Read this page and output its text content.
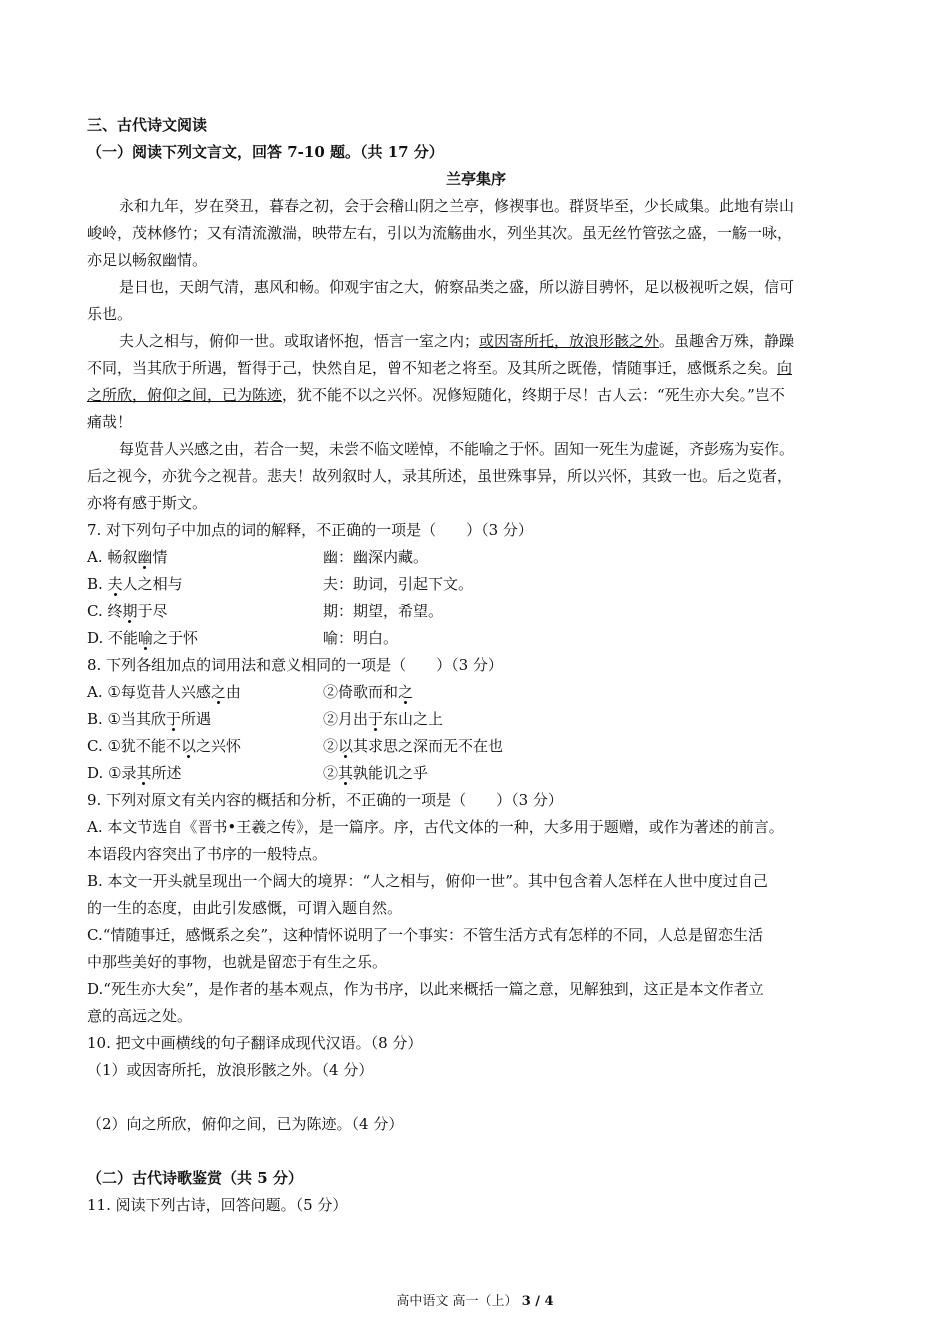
三、古代诗文阅读
（一）阅读下列文言文，回答 7-10 题。（共 17 分）
兰亭集序
永和九年，岁在癸丑，暮春之初，会于会稽山阴之兰亭，修禊事也。群贤毕至，少长咸集。此地有崇山
峻岭，茂林修竹；又有清流激湍，映带左右，引以为流觞曲水，列坐其次。虽无丝竹管弦之盛，一觞一咏，
亦足以畅叙幽情。
是日也，天朗气清，惠风和畅。仰观宇宙之大，俯察品类之盛，所以游目骋怀，足以极视听之娱，信可
乐也。
夫人之相与，俯仰一世。或取诸怀抱，悟言一室之内；或因寄所托，放浪形骸之外。虽趣舍万殊，静躁
不同，当其欣于所遇，暂得于己，快然自足，曾不知老之将至。及其所之既倦，情随事迁，感慨系之矣。向
之所欣，俯仰之间，已为陈迹，犹不能不以之兴怀。况修短随化，终期于尽！古人云：“死生亦大矣。”岂不
痛哉！
每览昔人兴感之由，若合一契，未尝不临文嗟悼，不能喻之于怀。固知一死生为虚诞，齐彭殇为妄作。
后之视今，亦犹今之视昔。悲夫！故列叙时人，录其所述，虽世殊事异，所以兴怀，其致一也。后之览者，
亦将有感于斯文。
7. 对下列句子中加点的词的解释，不正确的一项是（　　）（3 分）
A. 畅叙幽情	幽：幽深内藏。
B. 夫人之相与	夫：助词，引起下文。
C. 终期于尽	期：期望，希望。
D. 不能喻之于怀	喻：明白。
8. 下列各组加点的词用法和意义相同的一项是（　　）（3 分）
A. ①每览昔人兴感之由	②倚歌而和之
B. ①当其欣于所遇	②月出于东山之上
C. ①犹不能不以之兴怀	②以其求思之深而无不在也
D. ①录其所述	②其孰能讥之乎
9. 下列对原文有关内容的概括和分析，不正确的一项是（　　）（3 分）
A. 本文节选自《晋书•王羲之传》，是一篇序。序，古代文体的一种，大多用于题赠，或作为著述的前言。
本语段内容突出了书序的一般特点。
B. 本文一开头就呈现出一个阔大的境界：“人之相与，俯仰一世”。其中包含着人怎样在人世中度过自己
的一生的态度，由此引发感慨，可谓入题自然。
C.“情随事迁，感慨系之矣”，这种情怀说明了一个事实：不管生活方式有怎样的不同，人总是留恋生活
中那些美好的事物，也就是留恋于有生之乐。
D.“死生亦大矣”，是作者的基本观点，作为书序，以此来概括一篇之意，见解独到，这正是本文作者立
意的高远之处。
10. 把文中画横线的句子翻译成现代汉语。（8 分）
（1）或因寄所托，放浪形骸之外。（4 分）
（2）向之所欣，俯仰之间，已为陈迹。（4 分）
（二）古代诗歌鉴赏（共 5 分）
11. 阅读下列古诗，回答问题。（5 分）
高中语文 高一（上） 3 / 4
